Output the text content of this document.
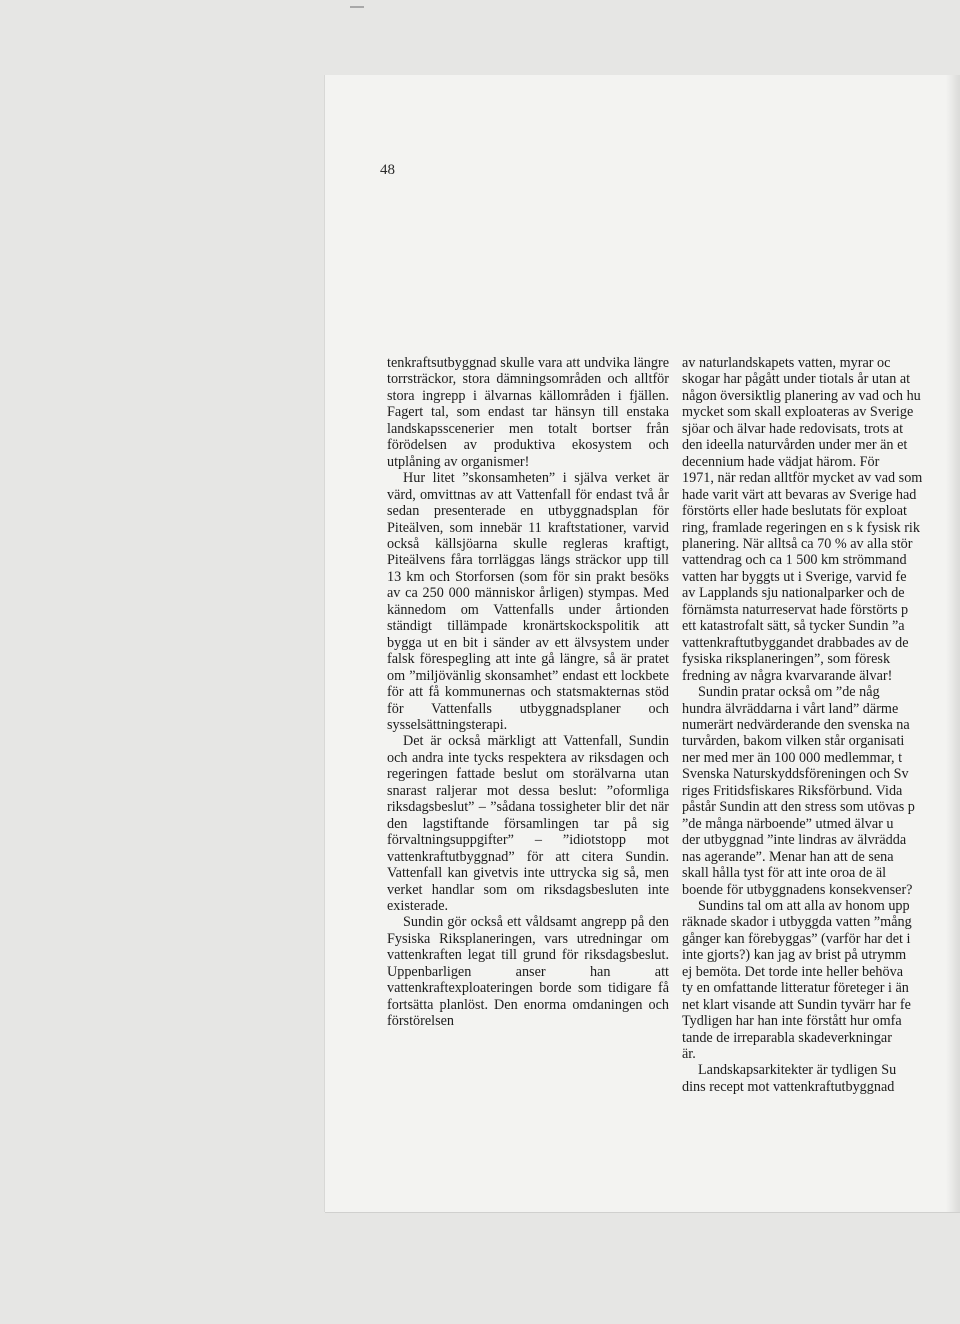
48

tenkraftsutbyggnad skulle vara att undvika längre torrsträckor, stora dämningsområden och alltför stora ingrepp i älvarnas källområden i fjällen. Fagert tal, som endast tar hänsyn till enstaka landskapsscenerier men totalt bortser från förödelsen av produktiva ekosystem och utplåning av organismer!

Hur litet ”skonsamheten” i själva verket är värd, omvittnas av att Vattenfall för endast två år sedan presenterade en utbyggnadsplan för Piteälven, som innebär 11 kraftstationer, varvid också källsjöarna skulle regleras kraftigt, Piteälvens fåra torrläggas längs sträckor upp till 13 km och Storforsen (som för sin prakt besöks av ca 250 000 människor årligen) stympas. Med kännedom om Vattenfalls under årtionden ständigt tillämpade kronärtskockspolitik att bygga ut en bit i sänder av ett älvsystem under falsk förespegling att inte gå längre, så är pratet om ”miljövänlig skonsamhet” endast ett lockbete för att få kommunernas och statsmakternas stöd för Vattenfalls utbyggnadsplaner och sysselsättningsterapi.

Det är också märkligt att Vattenfall, Sundin och andra inte tycks respektera av riksdagen och regeringen fattade beslut om storälvarna utan snarast raljerar mot dessa beslut: ”oformliga riksdagsbeslut” – ”sådana tossigheter blir det när den lagstiftande församlingen tar på sig förvaltningsuppgifter” – ”idiotstopp mot vattenkraftutbyggnad” för att citera Sundin. Vattenfall kan givetvis inte uttrycka sig så, men verket handlar som om riksdagsbesluten inte existerade.

Sundin gör också ett våldsamt angrepp på den Fysiska Riksplaneringen, vars utredningar om vattenkraften legat till grund för riksdagsbeslut. Uppenbarligen anser han att vattenkraftexploateringen borde som tidigare få fortsätta planlöst. Den enorma omdaningen och förstörelsen

av naturlandskapets vatten, myrar oc

skogar har pågått under tiotals år utan at

någon översiktlig planering av vad och hu

mycket som skall exploateras av Sverige

sjöar och älvar hade redovisats, trots at

den ideella naturvården under mer än et

decennium hade vädjat härom. För

1971, när redan alltför mycket av vad som

hade varit värt att bevaras av Sverige had

förstörts eller hade beslutats för exploat

ring, framlade regeringen en s k fysisk rik

planering. När alltså ca 70 % av alla stör

vattendrag och ca 1 500 km strömmand

vatten har byggts ut i Sverige, varvid fe

av Lapplands sju nationalparker och de

förnämsta naturreservat hade förstörts p

ett katastrofalt sätt, så tycker Sundin ”a

vattenkraftutbyggandet drabbades av de

fysiska riksplaneringen”, som föresk

fredning av några kvarvarande älvar!

Sundin pratar också om ”de någ

hundra älvräddarna i vårt land” därme

numerärt nedvärderande den svenska na

turvården, bakom vilken står organisati

ner med mer än 100 000 medlemmar, t

Svenska Naturskyddsföreningen och Sv

riges Fritidsfiskares Riksförbund. Vida

påstår Sundin att den stress som utövas p

”de många närboende” utmed älvar u

der utbyggnad ”inte lindras av älvrädda

nas agerande”. Menar han att de sena

skall hålla tyst för att inte oroa de äl

boende för utbyggnadens konsekvenser?

Sundins tal om att alla av honom upp

räknade skador i utbyggda vatten ”mång

gånger kan förebyggas” (varför har det i

inte gjorts?) kan jag av brist på utrymm

ej bemöta. Det torde inte heller behöva

ty en omfattande litteratur företeger i än

net klart visande att Sundin tyvärr har fe

Tydligen har han inte förstått hur omfa

tande de irreparabla skadeverkningar

är.

Landskapsarkitekter är tydligen Su

dins recept mot vattenkraftutbyggnad
